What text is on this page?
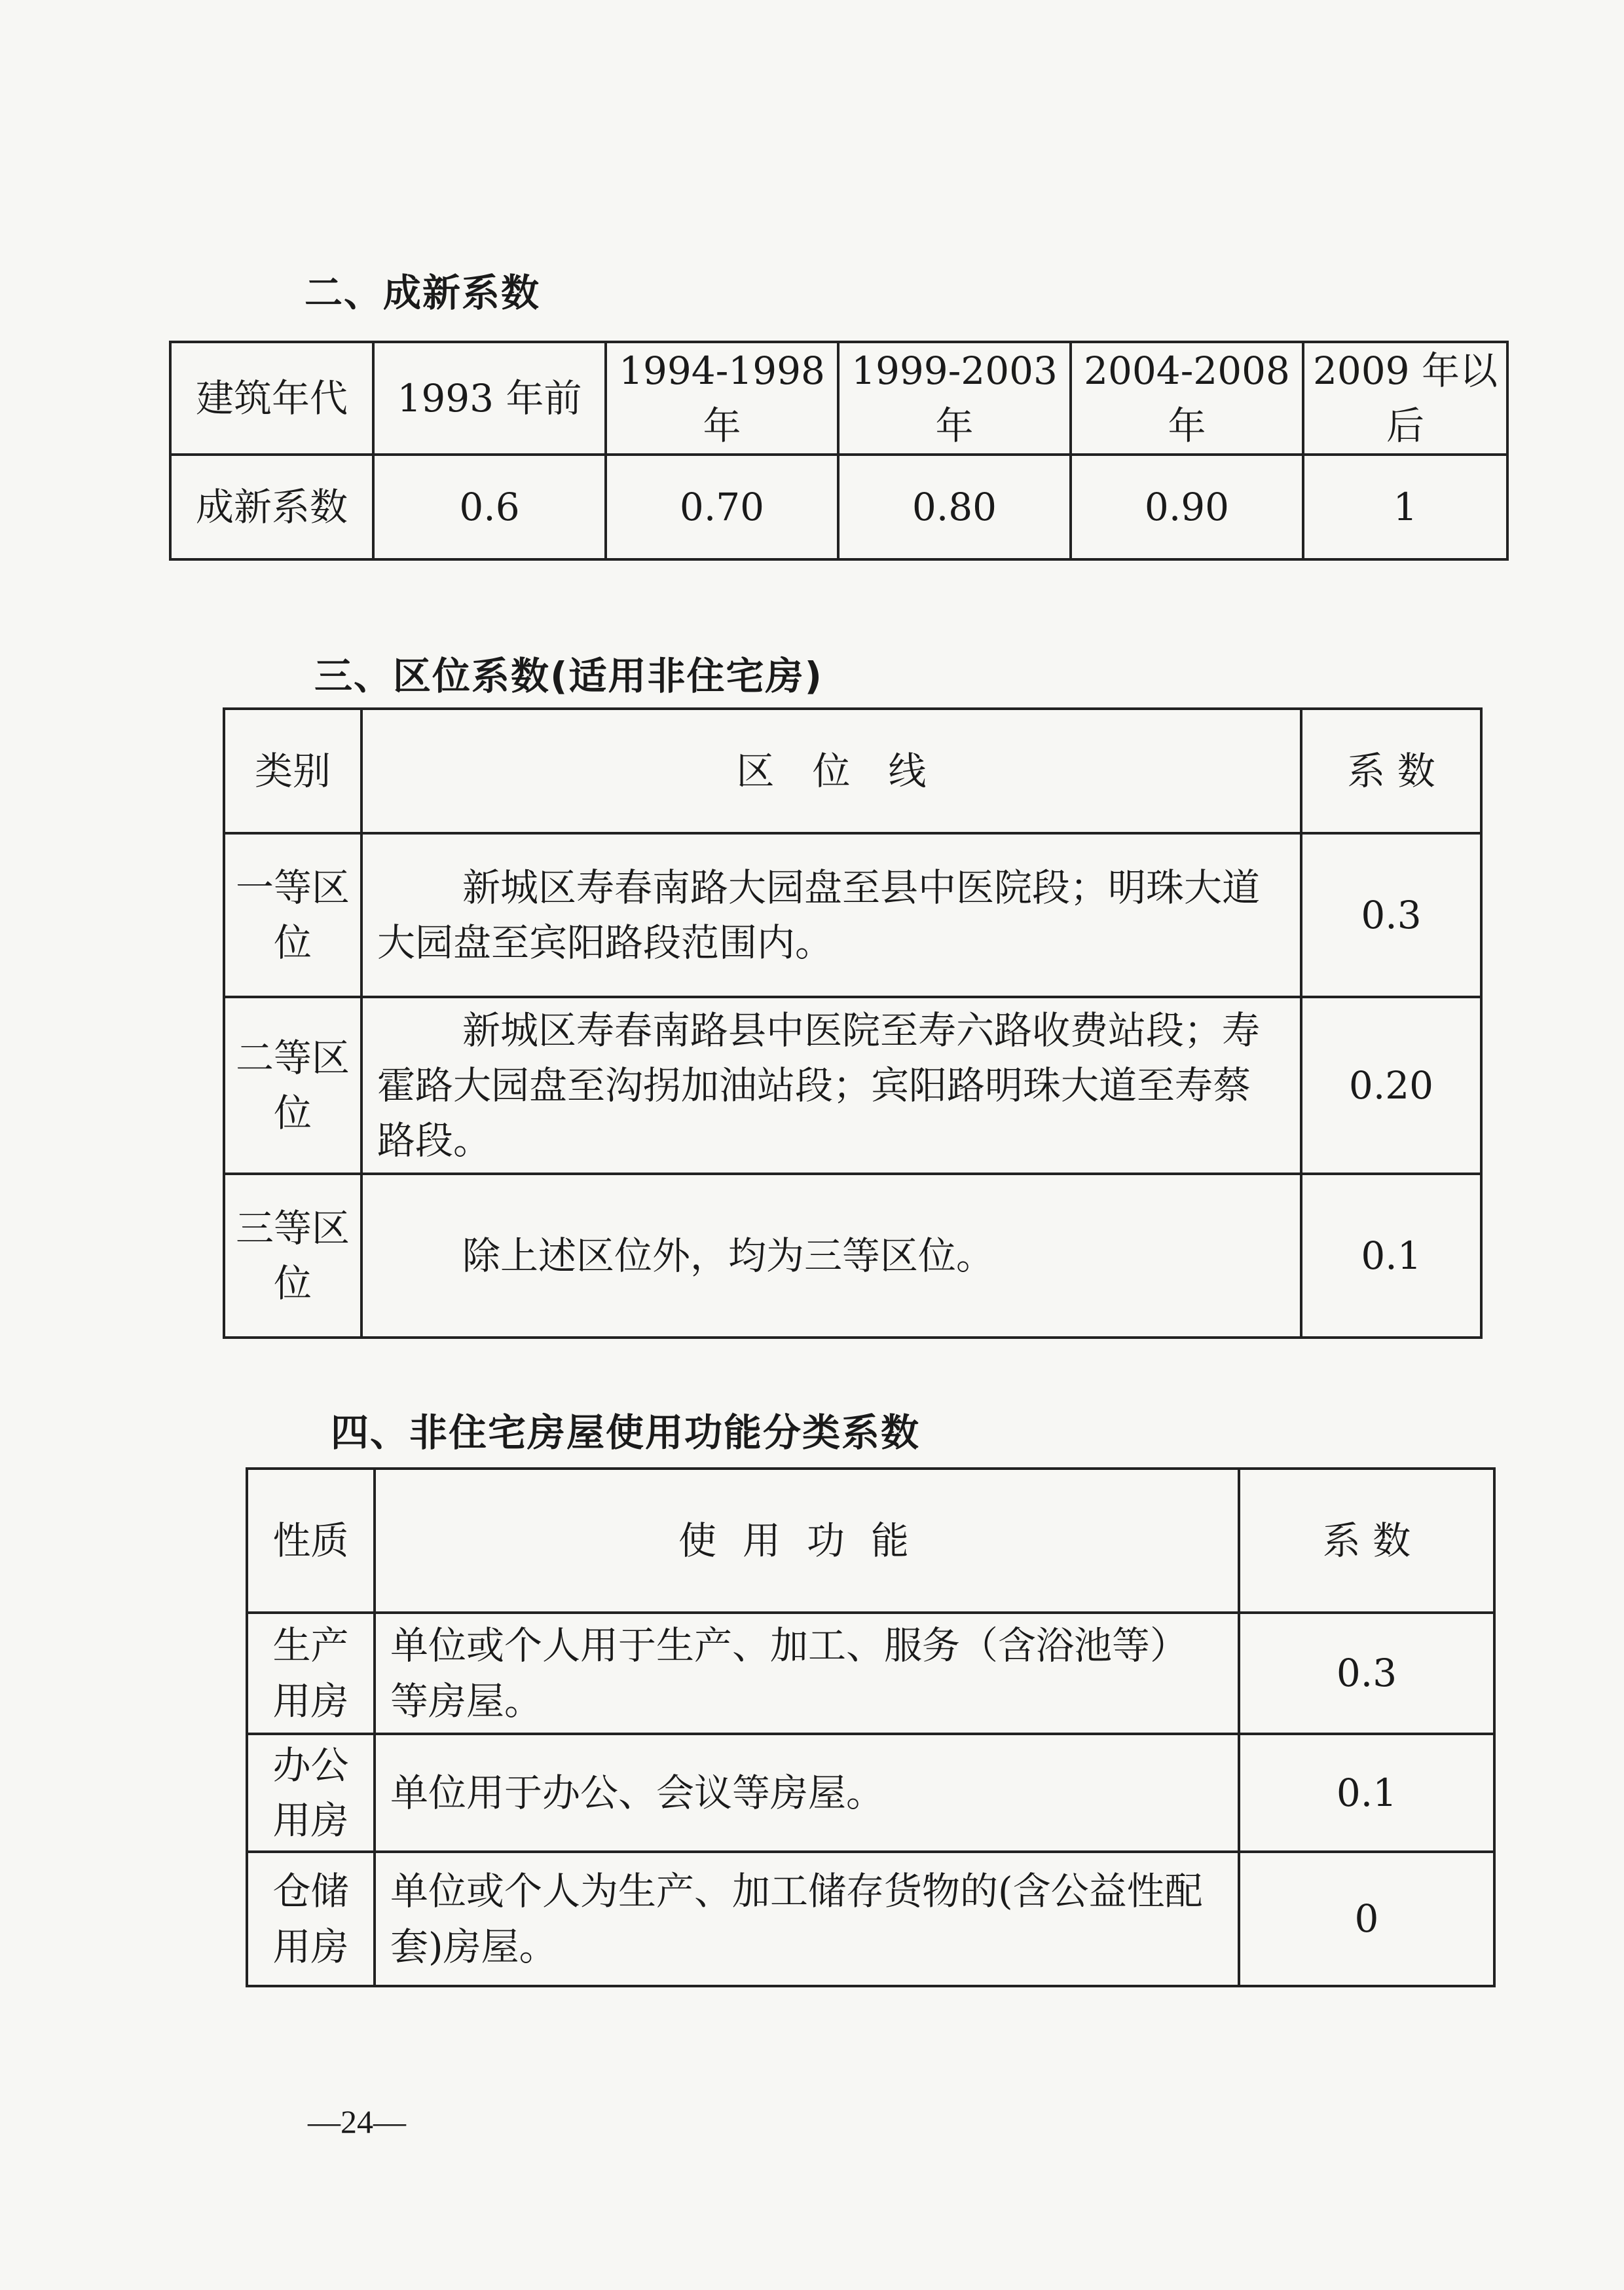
二、成新系数
建筑年代	1993 年前	1994-1998 年	1999-2003 年	2004-2008 年	2009 年以后
成新系数	0.6	0.70	0.80	0.90	1
三、区位系数(适用非住宅房)
类别	区　位　线	系 数
一等区位	新城区寿春南路大园盘至县中医院段；明珠大道大园盘至宾阳路段范围内。	0.3
二等区位	新城区寿春南路县中医院至寿六路收费站段；寿霍路大园盘至沟拐加油站段；宾阳路明珠大道至寿蔡路段。	0.20
三等区位	除上述区位外，均为三等区位。	0.1
四、非住宅房屋使用功能分类系数
性质	使用功能	系 数
生产用房	单位或个人用于生产、加工、服务（含浴池等）等房屋。	0.3
办公用房	单位用于办公、会议等房屋。	0.1
仓储用房	单位或个人为生产、加工储存货物的(含公益性配套)房屋。	0
—24—
